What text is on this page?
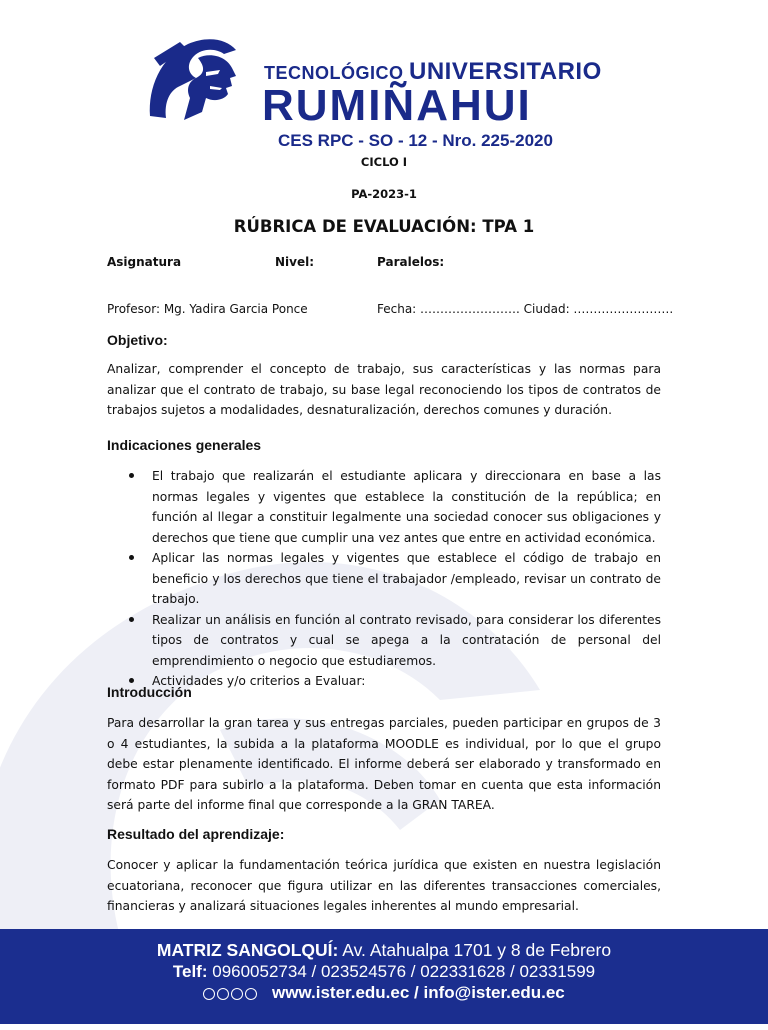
TECNOLÓGICO UNIVERSITARIO
RUMIÑAHUI
CES RPC - SO - 12 - Nro. 225-2020
CICLO I
PA-2023-1
RÚBRICA DE EVALUACIÓN: TPA 1
Asignatura	Nivel:	Paralelos:
Profesor: Mg. Yadira Garcia Ponce	Fecha: ……………………. Ciudad: …………………….
Objetivo:

Analizar, comprender el concepto de trabajo, sus características y las normas para analizar que el contrato de trabajo, su base legal reconociendo los tipos de contratos de trabajos sujetos a modalidades, desnaturalización, derechos comunes y duración.

Indicaciones generales
El trabajo que realizarán el estudiante aplicara y direccionara en base a las normas legales y vigentes que establece la constitución de la república; en función al llegar a constituir legalmente una sociedad conocer sus obligaciones y derechos que tiene que cumplir una vez antes que entre en actividad económica.
Aplicar las normas legales y vigentes que establece el código de trabajo en beneficio y los derechos que tiene el trabajador /empleado, revisar un contrato de trabajo.
Realizar un análisis en función al contrato revisado, para considerar los diferentes tipos de contratos y cual se apega a la contratación de personal del emprendimiento o negocio que estudiaremos.
Actividades y/o criterios a Evaluar:
Introducción

Para desarrollar la gran tarea y sus entregas parciales, pueden participar en grupos de 3 o 4 estudiantes, la subida a la plataforma MOODLE es individual, por lo que el grupo debe estar plenamente identificado. El informe deberá ser elaborado y transformado en formato PDF para subirlo a la plataforma. Deben tomar en cuenta que esta información será parte del informe final que corresponde a la GRAN TAREA.

Resultado del aprendizaje:

Conocer y aplicar la fundamentación teórica jurídica que existen en nuestra legislación ecuatoriana, reconocer que figura utilizar en las diferentes transacciones comerciales, financieras y analizará situaciones legales inherentes al mundo empresarial.

MATRIZ SANGOLQUÍ: Av. Atahualpa 1701 y 8 de Febrero
Telf: 0960052734 / 023524576 / 022331628 / 02331599
www.ister.edu.ec / info@ister.edu.ec
